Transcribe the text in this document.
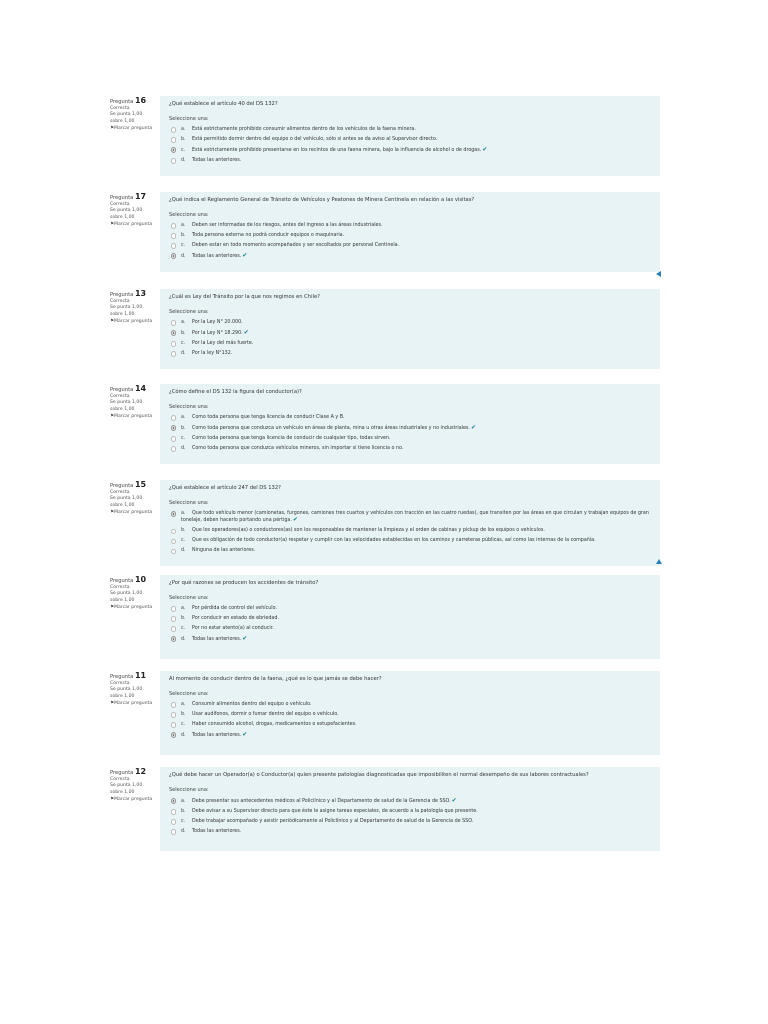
Pregunta 16
Correcta
Se punta 1,00 sobre 1,00
⚑Marcar pregunta
¿Qué establece el artículo 40 del DS 132?
Seleccione una:
a. Está estrictamente prohibido consumir alimentos dentro de los vehículos de la faena minera.
b. Está permitido dormir dentro del equipo o del vehículo, sólo si antes se da aviso al Supervisor directo.
c. Está estrictamente prohibido presentarse en los recintos de una faena minera, bajo la influencia de alcohol o de drogas.✔
d. Todas las anteriores.
Pregunta 17
Correcta
Se punta 1,00 sobre 1,00
⚑Marcar pregunta
¿Qué indica el Reglamento General de Tránsito de Vehículos y Peatones de Minera Centinela en relación a las visitas?
Seleccione una:
a. Deben ser informadas de los riesgos, antes del ingreso a las áreas industriales.
b. Toda persona externa no podrá conducir equipos o maquinaria.
c. Deben estar en todo momento acompañados y ser escoltados por personal Centinela.
d. Todas las anteriores.✔
Pregunta 13
Correcta
Se punta 1,00 sobre 1,00
⚑Marcar pregunta
¿Cuál es Ley del Tránsito por la que nos regimos en Chile?
Seleccione una:
a. Por la Ley N° 20.000.
b. Por la Ley N° 18.290.✔
c. Por la Ley del más fuerte.
d. Por la ley N°132.
Pregunta 14
Correcta
Se punta 1,00 sobre 1,00
⚑Marcar pregunta
¿Cómo define el DS 132 la figura del conductor(a)?
Seleccione una:
a. Como toda persona que tenga licencia de conducir Clase A y B.
b. Como toda persona que conduzca un vehículo en áreas de planta, mina u otras áreas industriales y no industriales.✔
c. Como toda persona que tenga licencia de conducir de cualquier tipo, todas sirven.
d. Como toda persona que conduzca vehículos mineros, sin importar si tiene licencia o no.
Pregunta 15
Correcta
Se punta 1,00 sobre 1,00
⚑Marcar pregunta
¿Qué establece el artículo 247 del DS 132?
Seleccione una:
a. Que todo vehículo menor (camionetas, furgones, camiones tres cuartos y vehículos con tracción en las cuatro ruedas), que transiten por las áreas en que circulan y trabajan equipos de gran tonelaje, deben hacerlo portando una pértiga.✔
b. Que los operadores(as) o conductores(as) son los responsables de mantener la limpieza y el orden de cabinas y pickup de los equipos o vehículos.
c. Que es obligación de todo conductor(a) respetar y cumplir con las velocidades establecidas en los caminos y carreteras públicas, así como las internas de la compañía.
d. Ninguna de las anteriores.
Pregunta 10
Correcta
Se punta 1,00 sobre 1,00
⚑Marcar pregunta
¿Por qué razones se producen los accidentes de tránsito?
Seleccione una:
a. Por pérdida de control del vehículo.
b. Por conducir en estado de ebriedad.
c. Por no estar atento(a) al conducir.
d. Todas las anteriores.✔
Pregunta 11
Correcta
Se punta 1,00 sobre 1,00
⚑Marcar pregunta
Al momento de conducir dentro de la faena, ¿qué es lo que jamás se debe hacer?
Seleccione una:
a. Consumir alimentos dentro del equipo o vehículo.
b. Usar audífonos, dormir o fumar dentro del equipo o vehículo.
c. Haber consumido alcohol, drogas, medicamentos o estupefacientes.
d. Todas las anteriores.✔
Pregunta 12
Correcta
Se punta 1,00 sobre 1,00
⚑Marcar pregunta
¿Qué debe hacer un Operador(a) o Conductor(a) quien presente patologías diagnosticadas que imposibiliten el normal desempeño de sus labores contractuales?
Seleccione una:
a. Debe presentar sus antecedentes médicos al Policlínico y al Departamento de salud de la Gerencia de SSO.✔
b. Debe avisar a su Supervisor directo para que éste le asigne tareas especiales, de acuerdo a la patología que presente.
c. Debe trabajar acompañado y asistir periódicamente al Policlínico y al Departamento de salud de la Gerencia de SSO.
d. Todas las anteriores.
